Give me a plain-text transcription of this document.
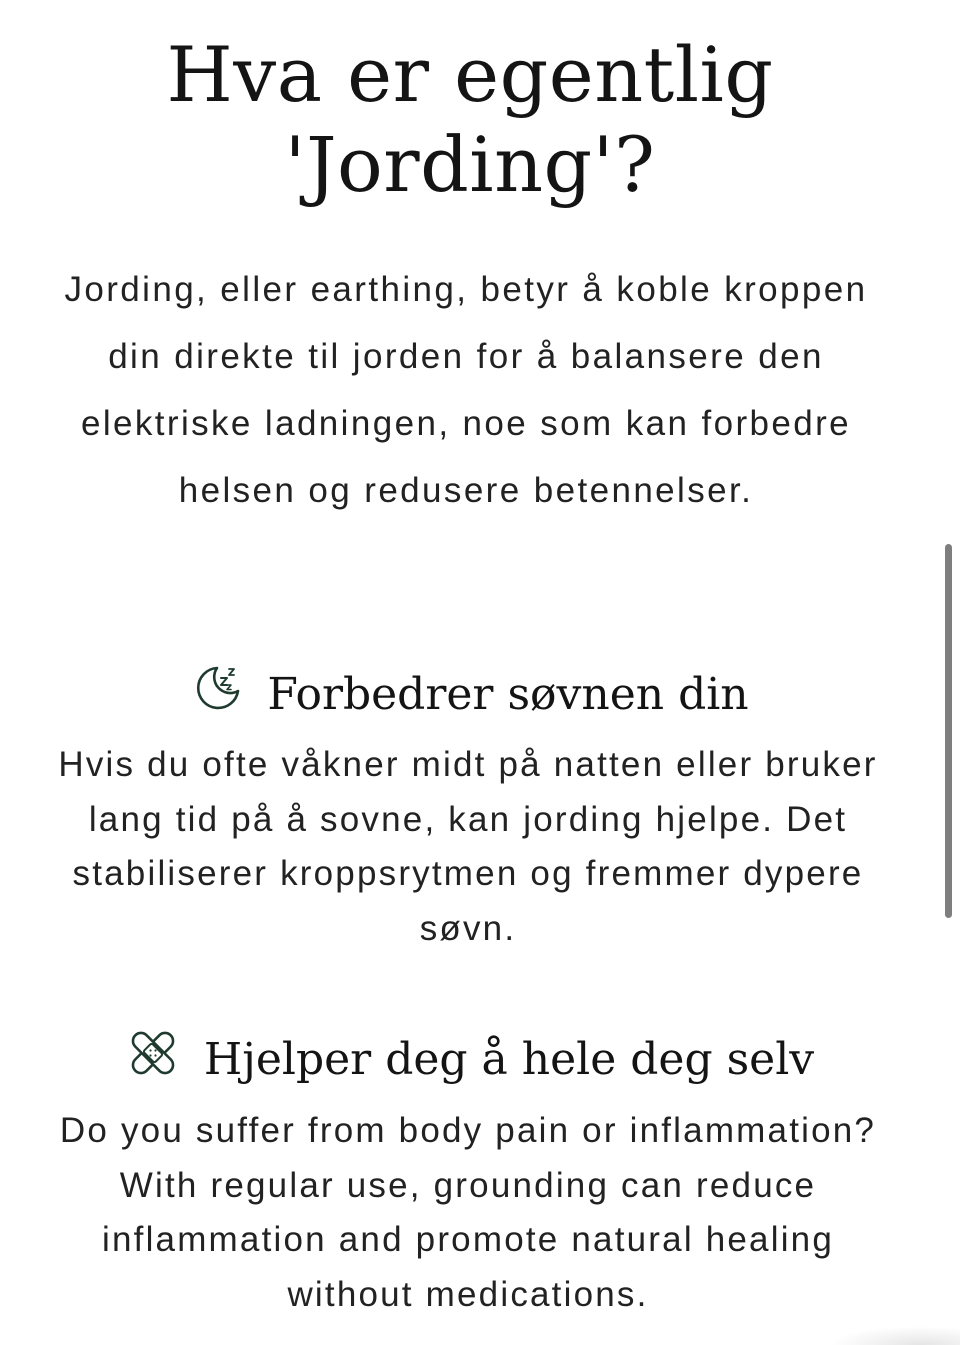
Hva er egentlig 'Jording'?

Jording, eller earthing, betyr å koble kroppen din direkte til jorden for å balansere den elektriske ladningen, noe som kan forbedre helsen og redusere betennelser.

Forbedrer søvnen din

Hvis du ofte våkner midt på natten eller bruker lang tid på å sovne, kan jording hjelpe. Det stabiliserer kroppsrytmen og fremmer dypere søvn.

Hjelper deg å hele deg selv

Do you suffer from body pain or inflammation? With regular use, grounding can reduce inflammation and promote natural healing without medications.
